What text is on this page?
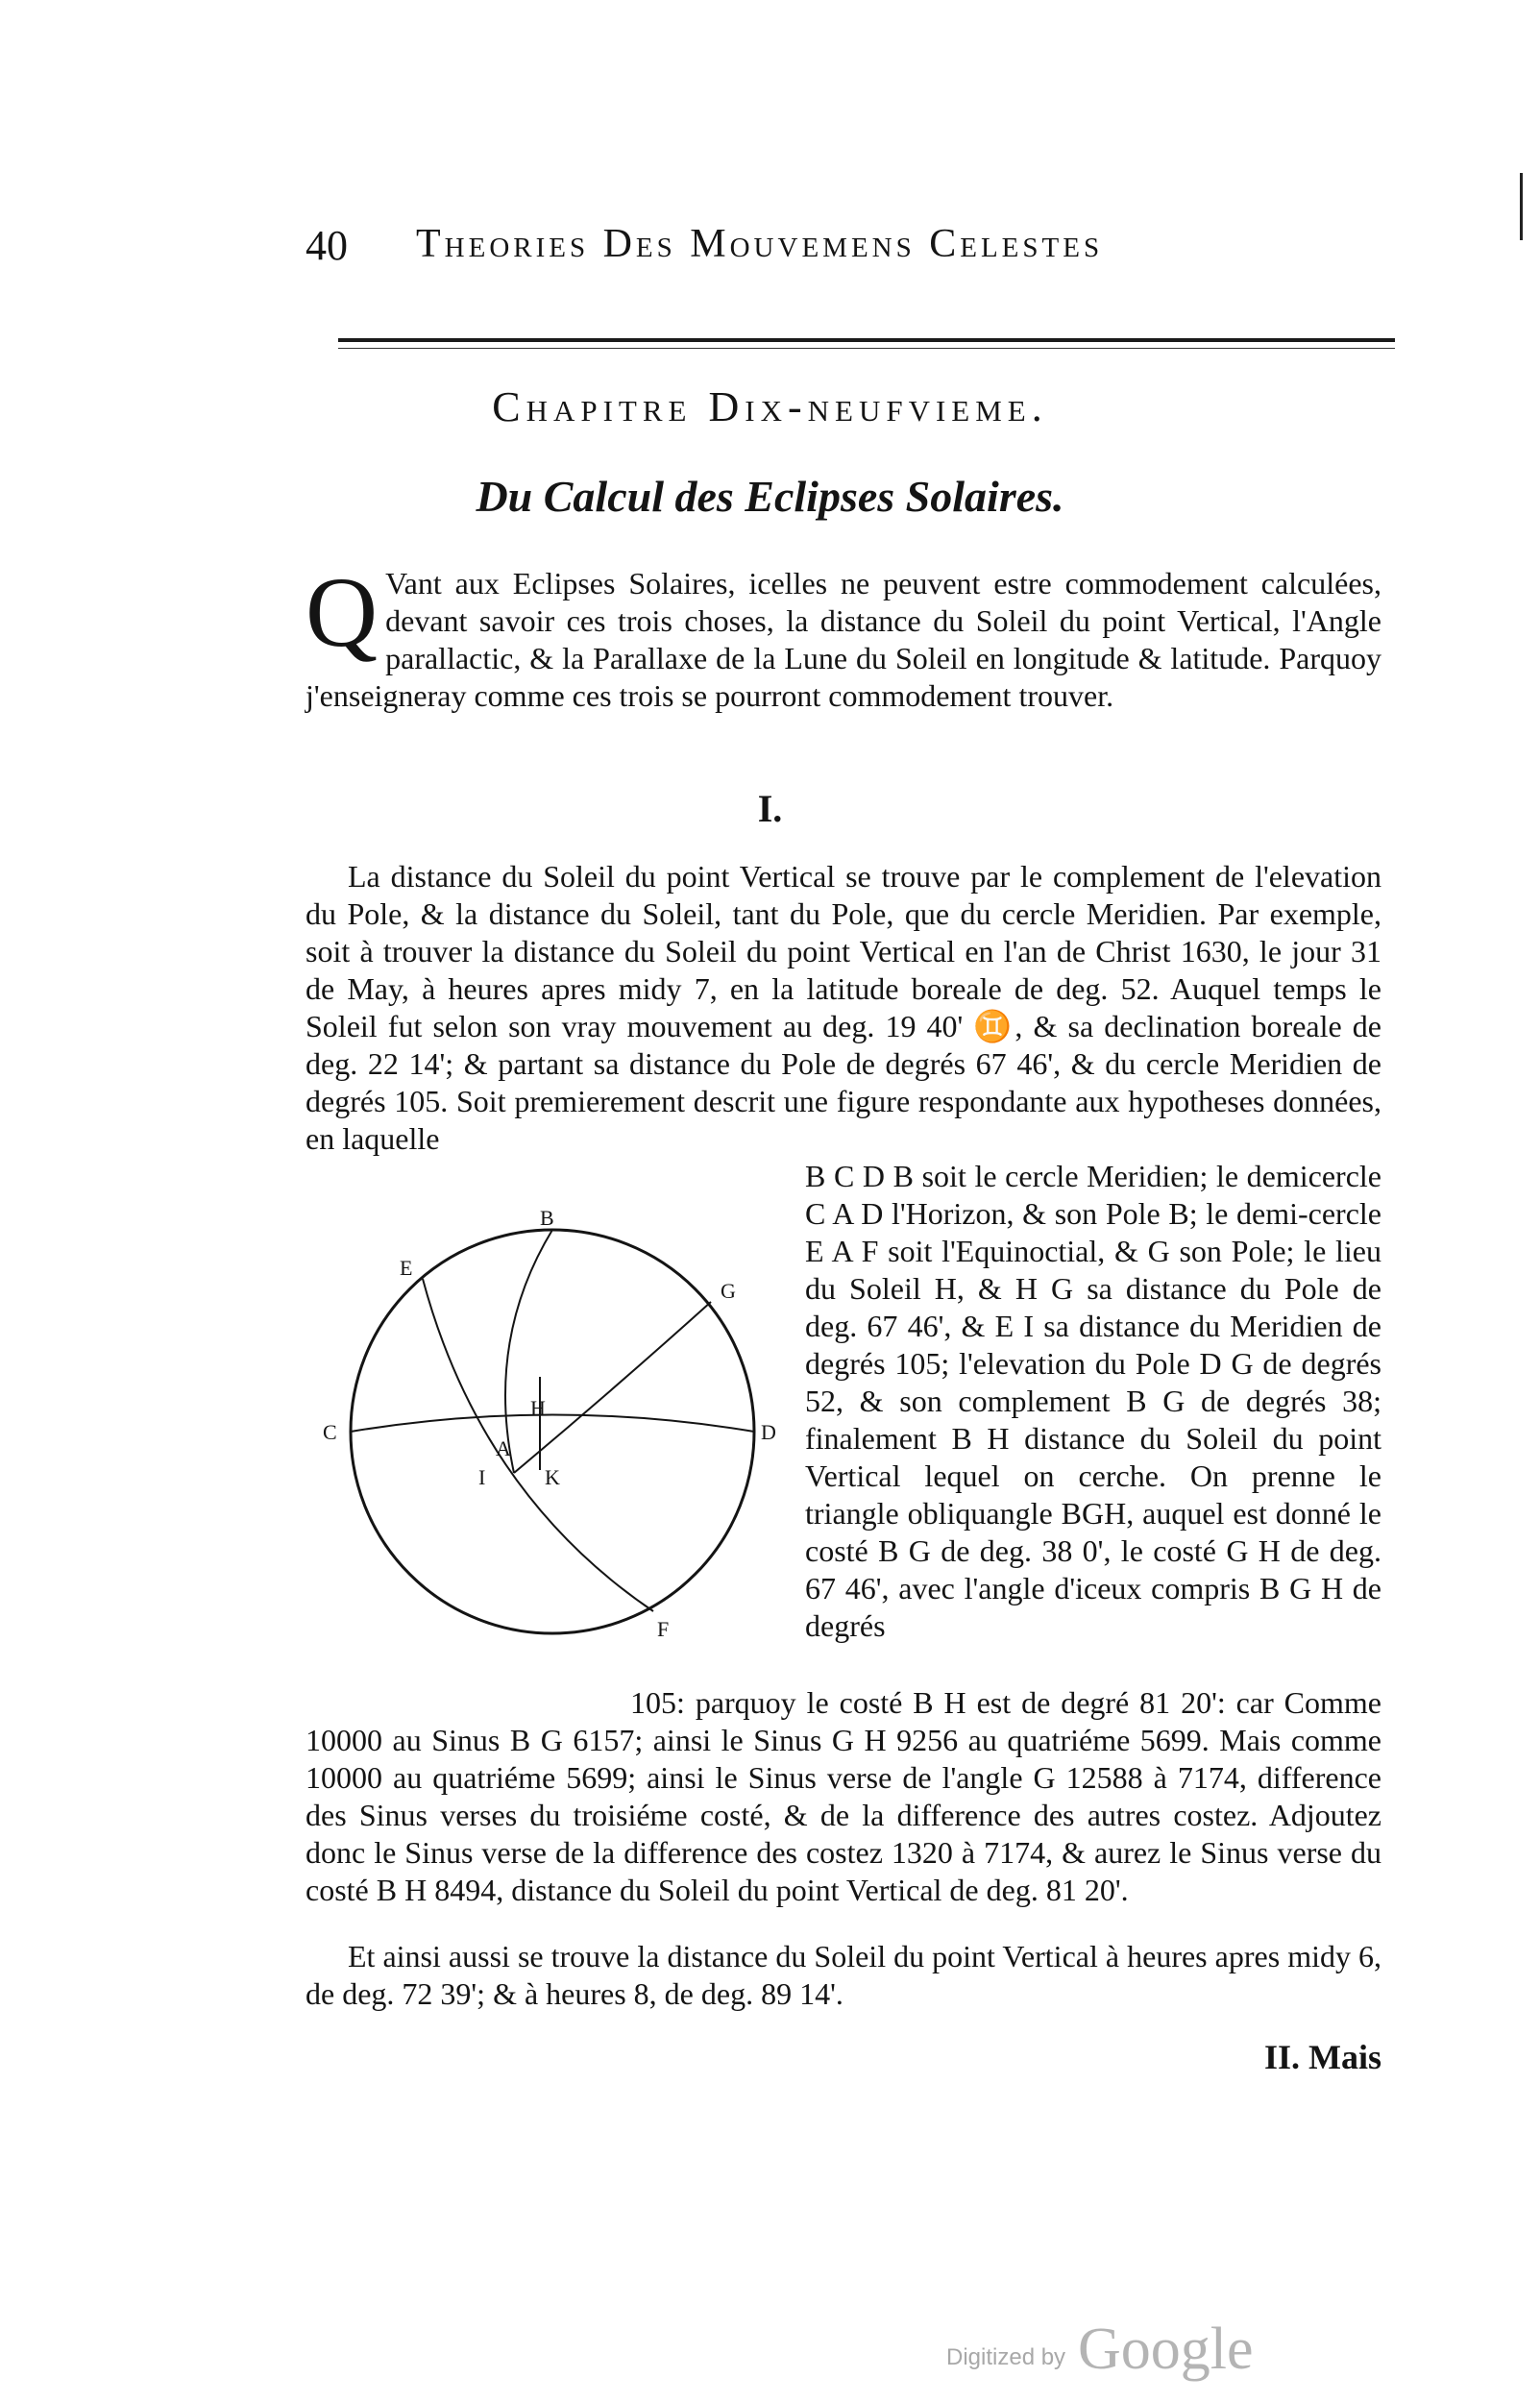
40 Theories Des Mouvemens Celestes
Chapitre Dix-neufvieme.
Du Calcul des Eclipses Solaires.
Q Vant aux Eclipses Solaires, icelles ne peuvent estre commodement calculées, devant savoir ces trois choses, la distance du Soleil du point Vertical, l'Angle parallactic, & la Parallaxe de la Lune du Soleil en longitude & latitude. Parquoy j'enseigneray comme ces trois se pourront commodement trouver.
I.
La distance du Soleil du point Vertical se trouve par le complement de l'elevation du Pole, & la distance du Soleil, tant du Pole, que du cercle Meridien. Par exemple, soit à trouver la distance du Soleil du point Vertical en l'an de Christ 1630, le jour 31 de May, à heures apres midy 7, en la latitude boreale de deg. 52. Auquel temps le Soleil fut selon son vray mouvement au deg. 19 40' ♊, & sa declination boreale de deg. 22 14'; & partant sa distance du Pole de degrés 67 46', & du cercle Meridien de degrés 105. Soit premierement descrit une figure respondante aux hypotheses données, en laquelle
B
E
G
C	D
A
H
I	K
F
B C D B soit le cercle Meridien; le demicercle C A D l'Horizon, & son Pole B; le demi-cercle E A F soit l'Equinoctial, & G son Pole; le lieu du Soleil H, & H G sa distance du Pole de deg. 67 46', & E I sa distance du Meridien de degrés 105; l'elevation du Pole D G de degrés 52, & son complement B G de degrés 38; finalement B H distance du Soleil du point Vertical lequel on cerche. On prenne le triangle obliquangle BGH, auquel est donné le costé B G de deg. 38 0', le costé G H de deg. 67 46', avec l'angle d'iceux compris B G H de degrés
105: parquoy le costé B H est de degré 81 20': car Comme 10000 au Sinus B G 6157; ainsi le Sinus G H 9256 au quatriéme 5699. Mais comme 10000 au quatriéme 5699; ainsi le Sinus verse de l'angle G 12588 à 7174, difference des Sinus verses du troisiéme costé, & de la difference des autres costez. Adjoutez donc le Sinus verse de la difference des costez 1320 à 7174, & aurez le Sinus verse du costé B H 8494, distance du Soleil du point Vertical de deg. 81 20'.
Et ainsi aussi se trouve la distance du Soleil du point Vertical à heures apres midy 6, de deg. 72 39'; & à heures 8, de deg. 89 14'.
II. Mais
Digitized by Google
